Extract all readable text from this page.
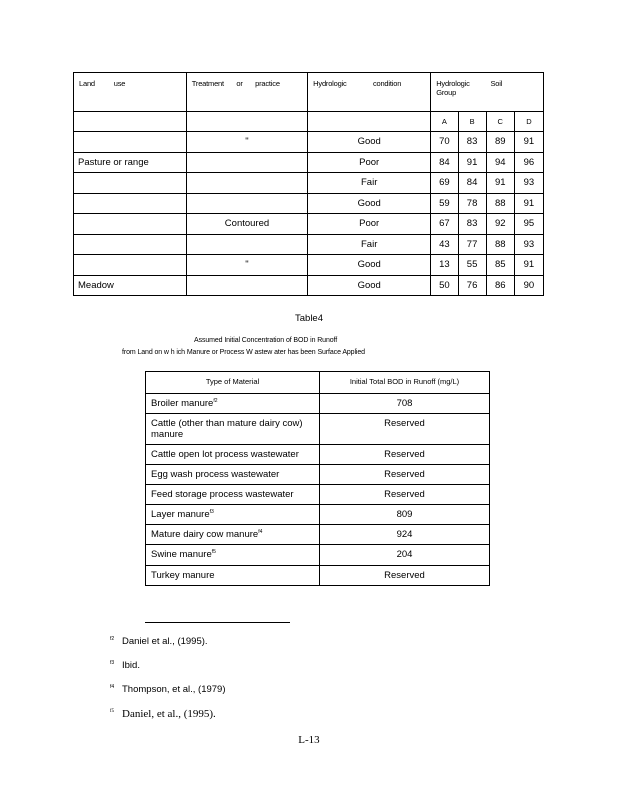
Land use	Treatment or practice	Hydrologic condition	Hydrologic Soil
Group			
			A	B	C	D
	"	Good	70	83	89	91
Pasture or range		Poor	84	91	94	96
		Fair	69	84	91	93
		Good	59	78	88	91
	Contoured	Poor	67	83	92	95
		Fair	43	77	88	93
	"	Good	13	55	85	91
Meadow		Good	50	76	86	90
Table4
Assumed Initial Concentration of BOD in Runoff
from Land on w h ich Manure or Process W astew ater has been Surface Applied
Type of Material	Initial Total BOD in Runoff (mg/L)
Broiler manure$^{f2}$	708
Cattle (other than mature dairy cow) manure	Reserved
Cattle open lot process wastewater	Reserved
Egg wash process wastewater	Reserved
Feed storage process wastewater	Reserved
Layer manure$^{f3}$	809
Mature dairy cow manure$^{f4}$	924
Swine manure$^{f5}$	204
Turkey manure	Reserved
f2 Daniel et al., (1995).
f3 Ibid.
f4 Thompson, et al., (1979)
f5 Daniel, et al., (1995).
L-13
